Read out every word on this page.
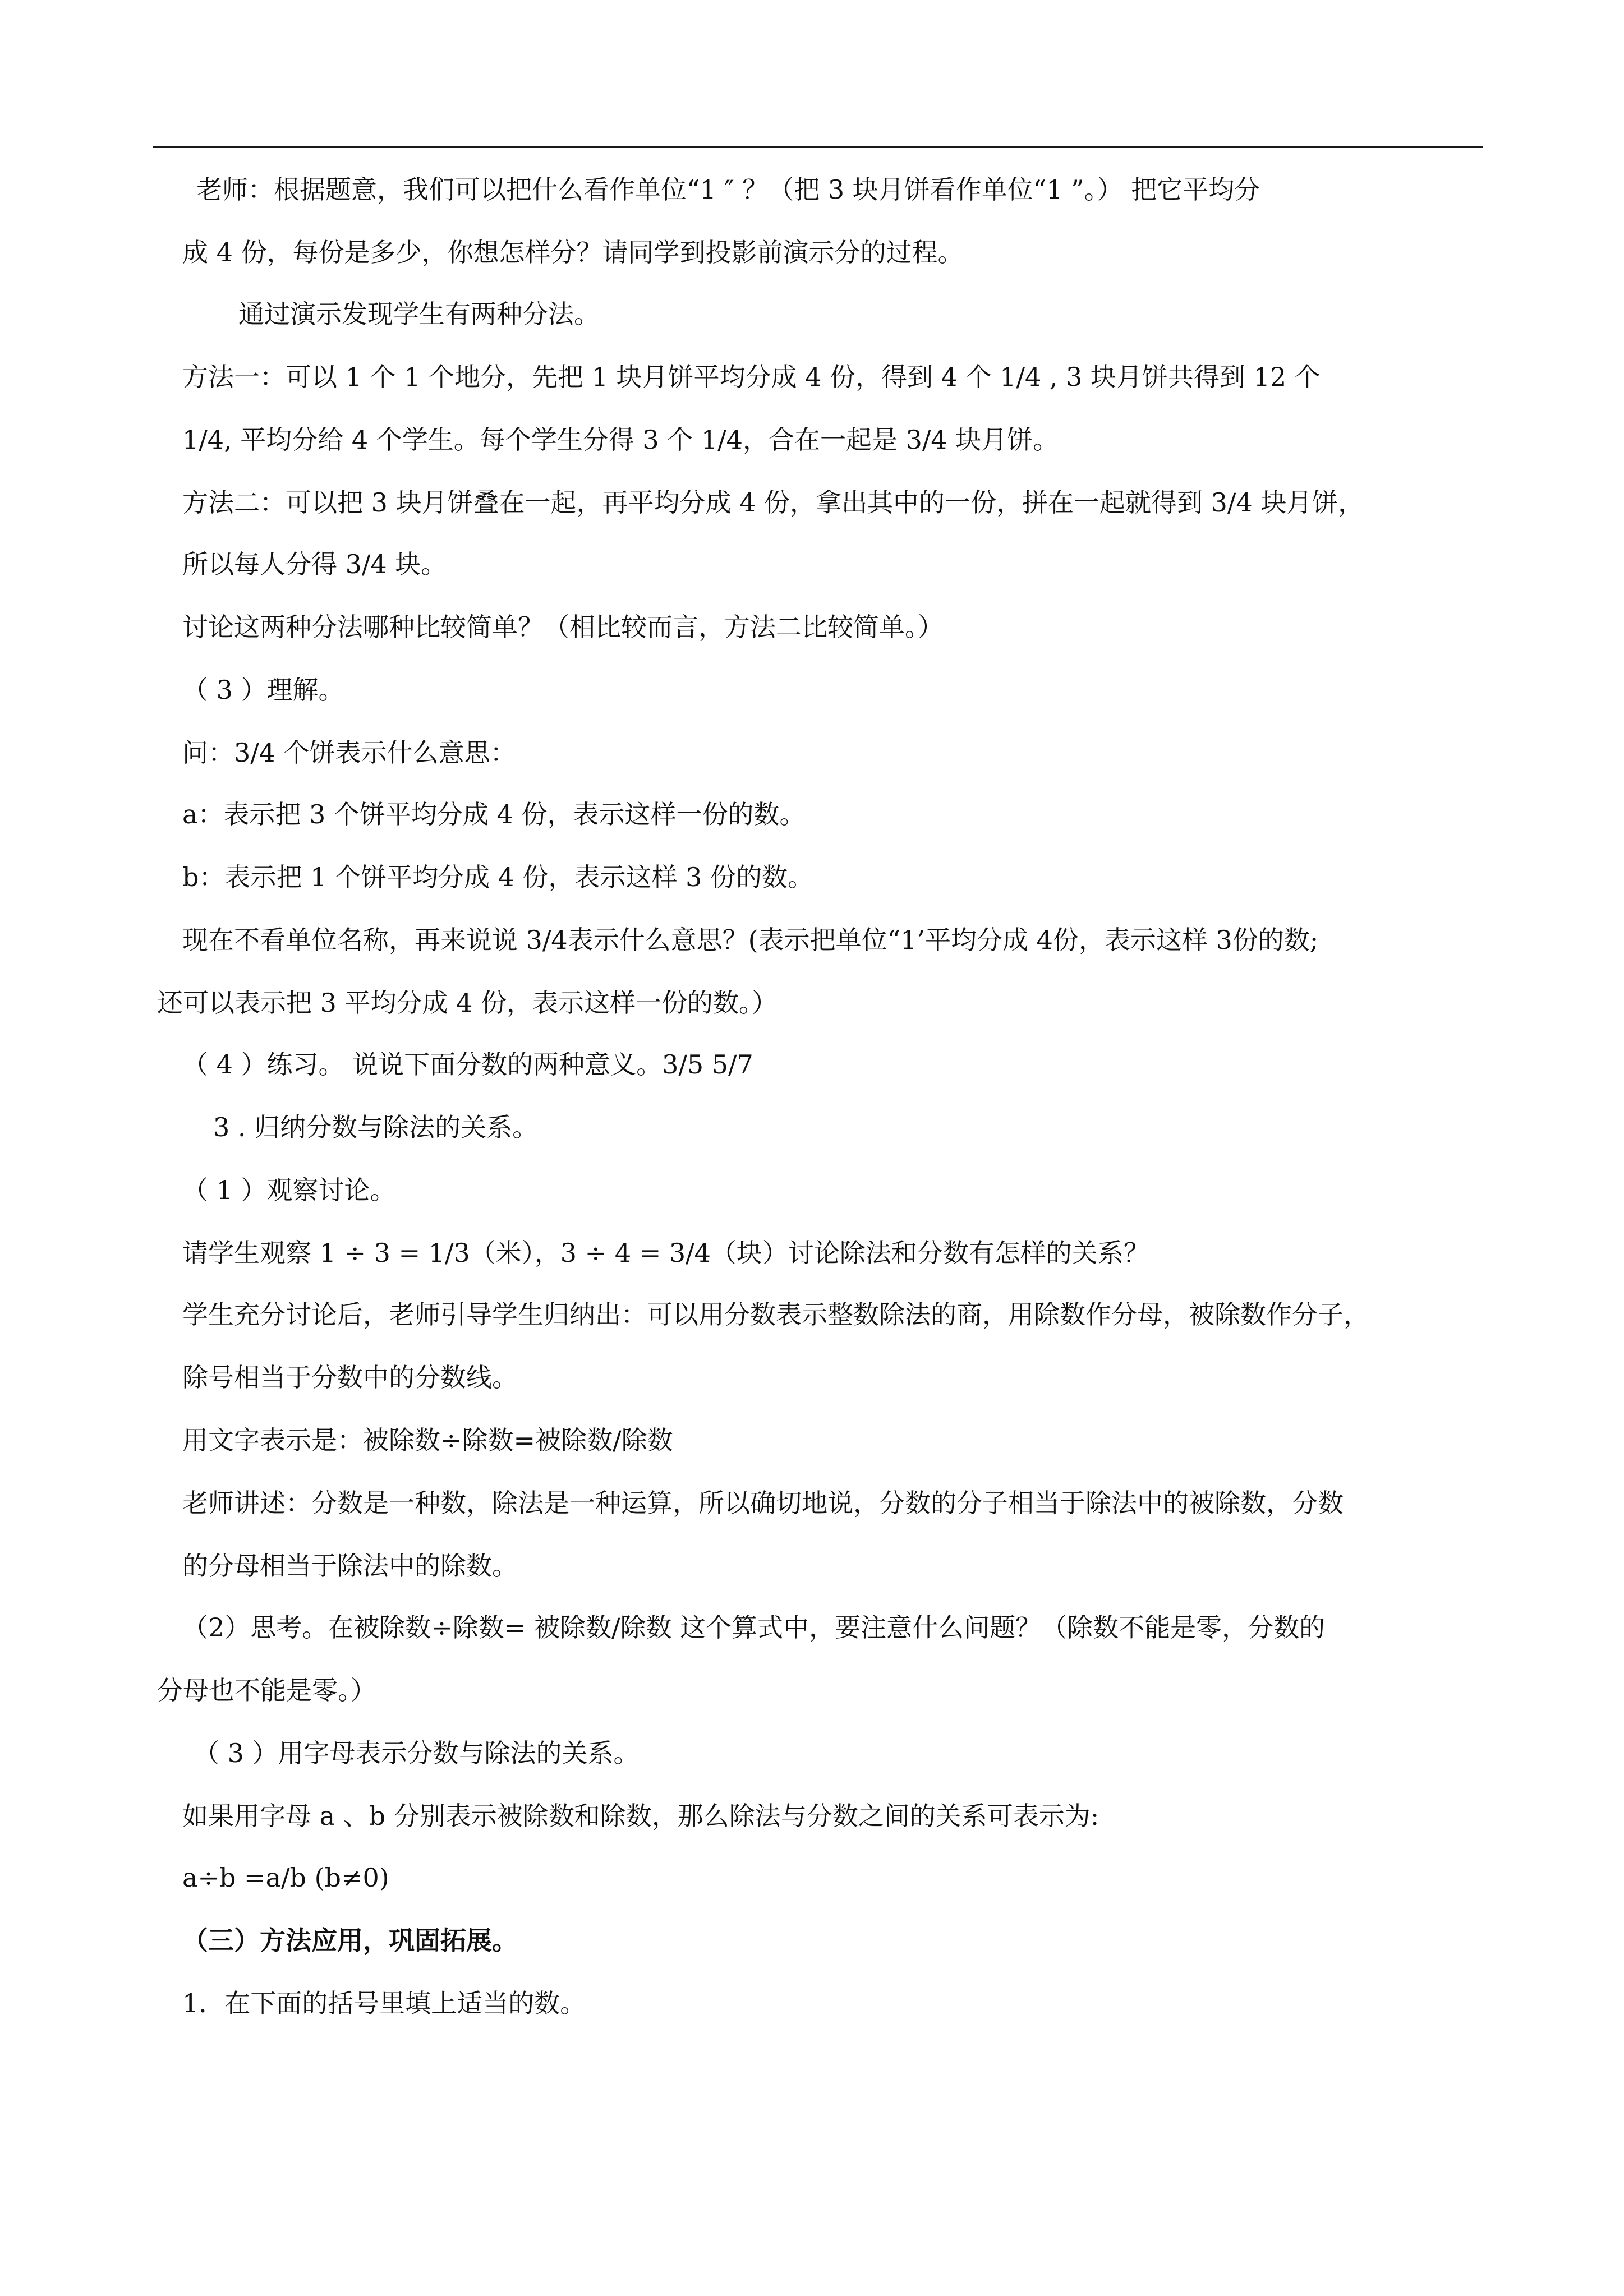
老师：根据题意，我们可以把什么看作单位“1 ″ ？（把 3 块月饼看作单位“1 ”。） 把它平均分
成 4 份，每份是多少，你想怎样分？请同学到投影前演示分的过程。
通过演示发现学生有两种分法。
方法一：可以 1 个 1 个地分，先把 1 块月饼平均分成 4 份，得到 4 个 1/4 , 3 块月饼共得到 12 个
1/4, 平均分给 4 个学生。每个学生分得 3 个 1/4，合在一起是 3/4 块月饼。
方法二：可以把 3 块月饼叠在一起，再平均分成 4 份，拿出其中的一份，拼在一起就得到 3/4 块月饼，
所以每人分得 3/4 块。
讨论这两种分法哪种比较简单？（相比较而言，方法二比较简单。）
（ 3 ）理解。
问：3/4 个饼表示什么意思：
a：表示把 3 个饼平均分成 4 份，表示这样一份的数。
b：表示把 1 个饼平均分成 4 份，表示这样 3 份的数。
现在不看单位名称，再来说说 3/4表示什么意思？(表示把单位“1’平均分成 4份，表示这样 3份的数;
还可以表示把 3 平均分成 4 份，表示这样一份的数。）
（ 4 ）练习。 说说下面分数的两种意义。3/5 5/7
3 . 归纳分数与除法的关系。
（ 1 ）观察讨论。
请学生观察 1 ÷ 3 = 1/3（米），3 ÷ 4 = 3/4（块）讨论除法和分数有怎样的关系？
学生充分讨论后，老师引导学生归纳出：可以用分数表示整数除法的商，用除数作分母，被除数作分子，
除号相当于分数中的分数线。
用文字表示是：被除数÷除数=被除数/除数
老师讲述：分数是一种数，除法是一种运算，所以确切地说，分数的分子相当于除法中的被除数，分数
的分母相当于除法中的除数。
（2）思考。在被除数÷除数= 被除数/除数 这个算式中，要注意什么问题？（除数不能是零，分数的
分母也不能是零。）
（ 3 ）用字母表示分数与除法的关系。
如果用字母 a 、b 分别表示被除数和除数，那么除法与分数之间的关系可表示为:
a÷b =a/b (b≠0)
（三）方法应用，巩固拓展。
1．在下面的括号里填上适当的数。
